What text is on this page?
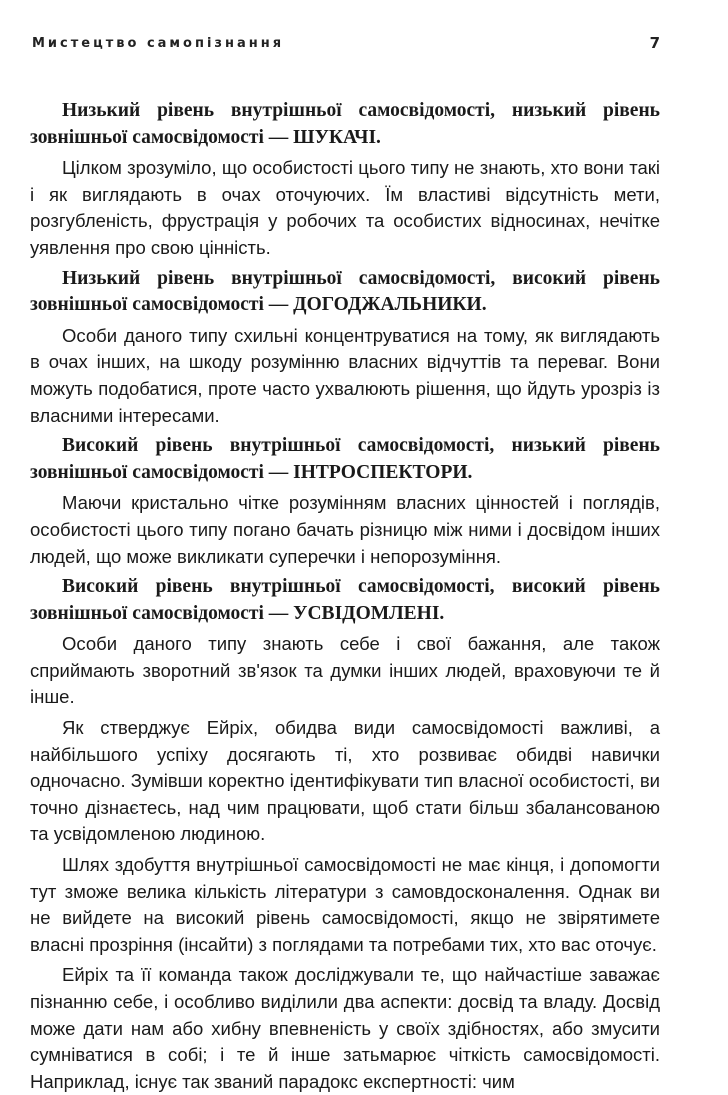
Мистецтво самопізнання	7

Низький рівень внутрішньої самосвідомості, низький рівень зовнішньої самосвідомості — ШУКАЧІ.

Цілком зрозуміло, що особистості цього типу не знають, хто вони такі і як виглядають в очах оточуючих. Їм властиві відсутність мети, розгубленість, фрустрація у робочих та особистих відносинах, нечітке уявлення про свою цінність.

Низький рівень внутрішньої самосвідомості, високий рівень зовнішньої самосвідомості — ДОГОДЖАЛЬНИКИ.

Особи даного типу схильні концентруватися на тому, як виглядають в очах інших, на шкоду розумінню власних відчуттів та переваг. Вони можуть подобатися, проте часто ухвалюють рішення, що йдуть урозріз із власними інтересами.

Високий рівень внутрішньої самосвідомості, низький рівень зовнішньої самосвідомості — ІНТРОСПЕКТОРИ.

Маючи кристально чітке розумінням власних цінностей і поглядів, особистості цього типу погано бачать різницю між ними і досвідом інших людей, що може викликати суперечки і непорозуміння.

Високий рівень внутрішньої самосвідомості, високий рівень зовнішньої самосвідомості — УСВІДОМЛЕНІ.

Особи даного типу знають себе і свої бажання, але також сприймають зворотний зв'язок та думки інших людей, враховуючи те й інше.

Як стверджує Ейріх, обидва види самосвідомості важливі, а найбільшого успіху досягають ті, хто розвиває обидві навички одночасно. Зумівши коректно ідентифікувати тип власної особистості, ви точно дізнаєтесь, над чим працювати, щоб стати більш збалансованою та усвідомленою людиною.

Шлях здобуття внутрішньої самосвідомості не має кінця, і допомогти тут зможе велика кількість літератури з самовдосконалення. Однак ви не вийдете на високий рівень самосвідомості, якщо не звірятимете власні прозріння (інсайти) з поглядами та потребами тих, хто вас оточує.

Ейріх та її команда також досліджували те, що найчастіше заважає пізнанню себе, і особливо виділили два аспекти: досвід та владу. Досвід може дати нам або хибну впевненість у своїх здібностях, або змусити сумніватися в собі; і те й інше затьмарює чіткість самосвідомості. Наприклад, існує так званий парадокс експертності: чим
